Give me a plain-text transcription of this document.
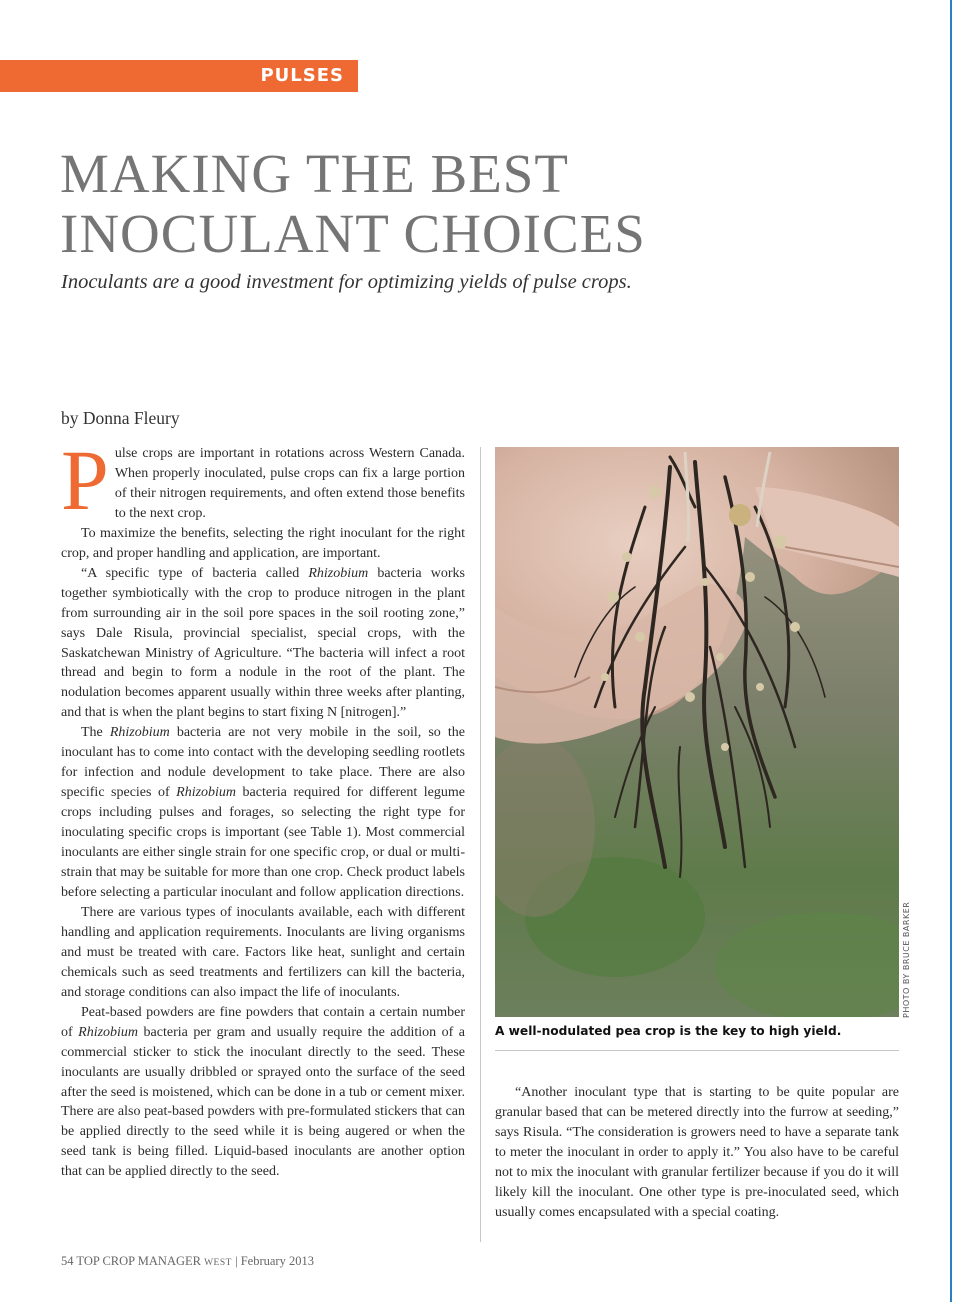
PULSES
MAKING THE BEST
INOCULANT CHOICES

Inoculants are a good investment for optimizing yields of pulse crops.

by Donna Fleury

Pulse crops are important in rotations across Western Canada. When properly inoculated, pulse crops can fix a large portion of their nitrogen requirements, and often extend those benefits to the next crop.

To maximize the benefits, selecting the right inoculant for the right crop, and proper handling and application, are important.

“A specific type of bacteria called Rhizobium bacteria works together symbiotically with the crop to produce nitrogen in the plant from surrounding air in the soil pore spaces in the soil rooting zone,” says Dale Risula, provincial specialist, special crops, with the Saskatchewan Ministry of Agriculture. “The bacteria will infect a root thread and begin to form a nodule in the root of the plant. The nodulation becomes apparent usually within three weeks after planting, and that is when the plant begins to start fixing N [nitrogen].”

The Rhizobium bacteria are not very mobile in the soil, so the inoculant has to come into contact with the developing seedling rootlets for infection and nodule development to take place. There are also specific species of Rhizobium bacteria required for different legume crops including pulses and forages, so selecting the right type for inoculating specific crops is important (see Table 1). Most commercial inoculants are either single strain for one specific crop, or dual or multi-strain that may be suitable for more than one crop. Check product labels before selecting a particular inoculant and follow application directions.

There are various types of inoculants available, each with different handling and application requirements. Inoculants are living organisms and must be treated with care. Factors like heat, sunlight and certain chemicals such as seed treatments and fertilizers can kill the bacteria, and storage conditions can also impact the life of inoculants.

Peat-based powders are fine powders that contain a certain number of Rhizobium bacteria per gram and usually require the addition of a commercial sticker to stick the inoculant directly to the seed. These inoculants are usually dribbled or sprayed onto the surface of the seed after the seed is moistened, which can be done in a tub or cement mixer. There are also peat-based powders with pre-formulated stickers that can be applied directly to the seed while it is being augered or when the seed tank is being filled. Liquid-based inoculants are another option that can be applied directly to the seed.

PHOTO BY BRUCE BARKER

A well-nodulated pea crop is the key to high yield.

“Another inoculant type that is starting to be quite popular are granular based that can be metered directly into the furrow at seeding,” says Risula. “The consideration is growers need to have a separate tank to meter the inoculant in order to apply it.” You also have to be careful not to mix the inoculant with granular fertilizer because if you do it will likely kill the inoculant. One other type is pre-inoculated seed, which usually comes encapsulated with a special coating.

54 TOP CROP MANAGER WEST | February 2013
